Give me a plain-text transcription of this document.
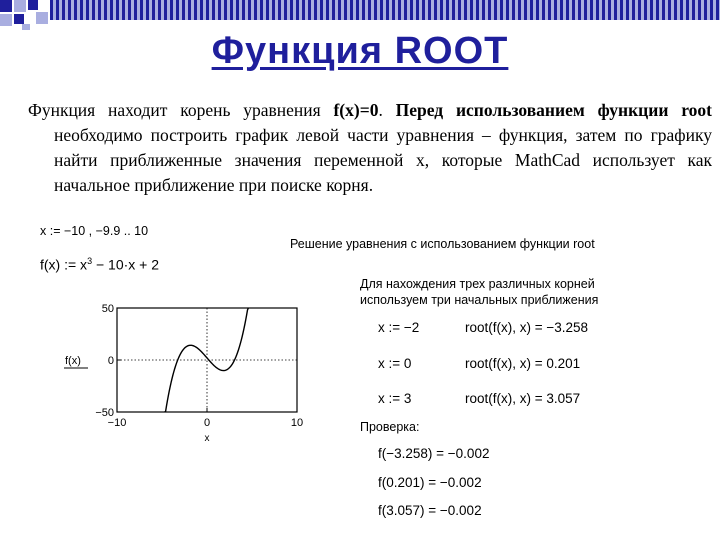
Функция ROOT
Функция находит корень уравнения f(x)=0. Перед использованием функции root необходимо построить график левой части уравнения – функция, затем по графику найти приближенные значения переменной x, которые MathCad использует как начальное приближение при поиске корня.
x := −10 , −9.9 .. 10
f(x) := $x^3 - 10\cdot x + 2$
−10	0	10
50
0
−50
f(x)
x
Решение уравнения с использованием функции root
Для нахождения трех различных корней
используем три начальных приближения
x := −2	root(f(x), x) = −3.258
x := 0	root(f(x), x) = 0.201
x := 3	root(f(x), x) = 3.057
Проверка:
f(−3.258) = −0.002
f(0.201) = −0.002
f(3.057) = −0.002
